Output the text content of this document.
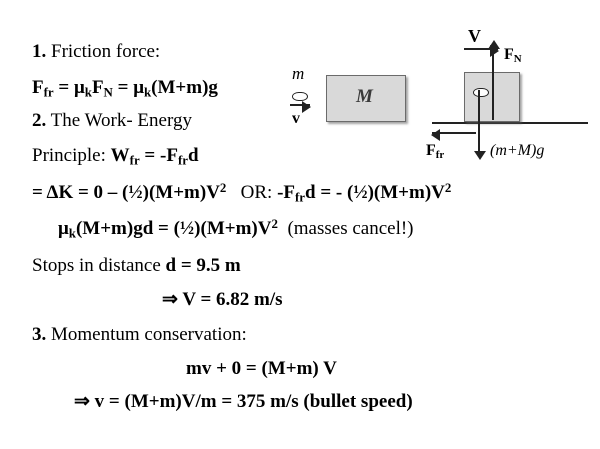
M
m
v
V
$F_N$
(m+M)g
$F_{fr}$
1. Friction force:
$F_{fr} = \mu_kF_N = \mu_k(M+m)g$
2. The Work- Energy
Principle: $W_{fr} = -F_{fr}d$
= $\Delta K = 0 - (\frac{1}{2})(M+m)V^2$   OR: $-F_{fr}d$ = - $(\frac{1}{2})(M+m)V^2$
$\mu_k(M+m)gd$ = $(\frac{1}{2})(M+m)V^2$ (masses cancel!)
Stops in distance d = 9.5 m
⇒ V = 6.82 m/s
3. Momentum conservation:
mv + 0 = (M+m) V
⇒ v = (M+m)V/m = 375 m/s (bullet speed)
